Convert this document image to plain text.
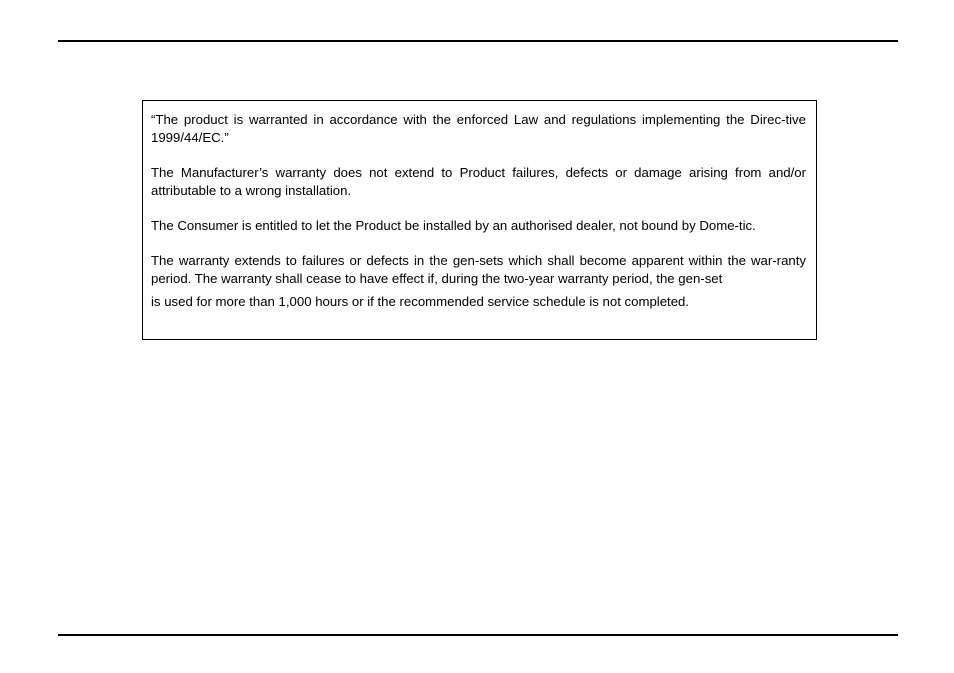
“The product is warranted in accordance with the enforced Law and regulations implementing the Direc-tive 1999/44/EC.”

The Manufacturer’s warranty does not extend to Product failures, defects or damage arising from and/or attributable to a wrong installation.

The Consumer is entitled to let the Product be installed by an authorised dealer, not bound by Dome-tic.

The warranty extends to failures or defects in the gen-sets which shall become apparent within the war-ranty period. The warranty shall cease to have effect if, during the two-year warranty period, the gen-set
is used for more than 1,000 hours or if the recommended service schedule is not completed.
